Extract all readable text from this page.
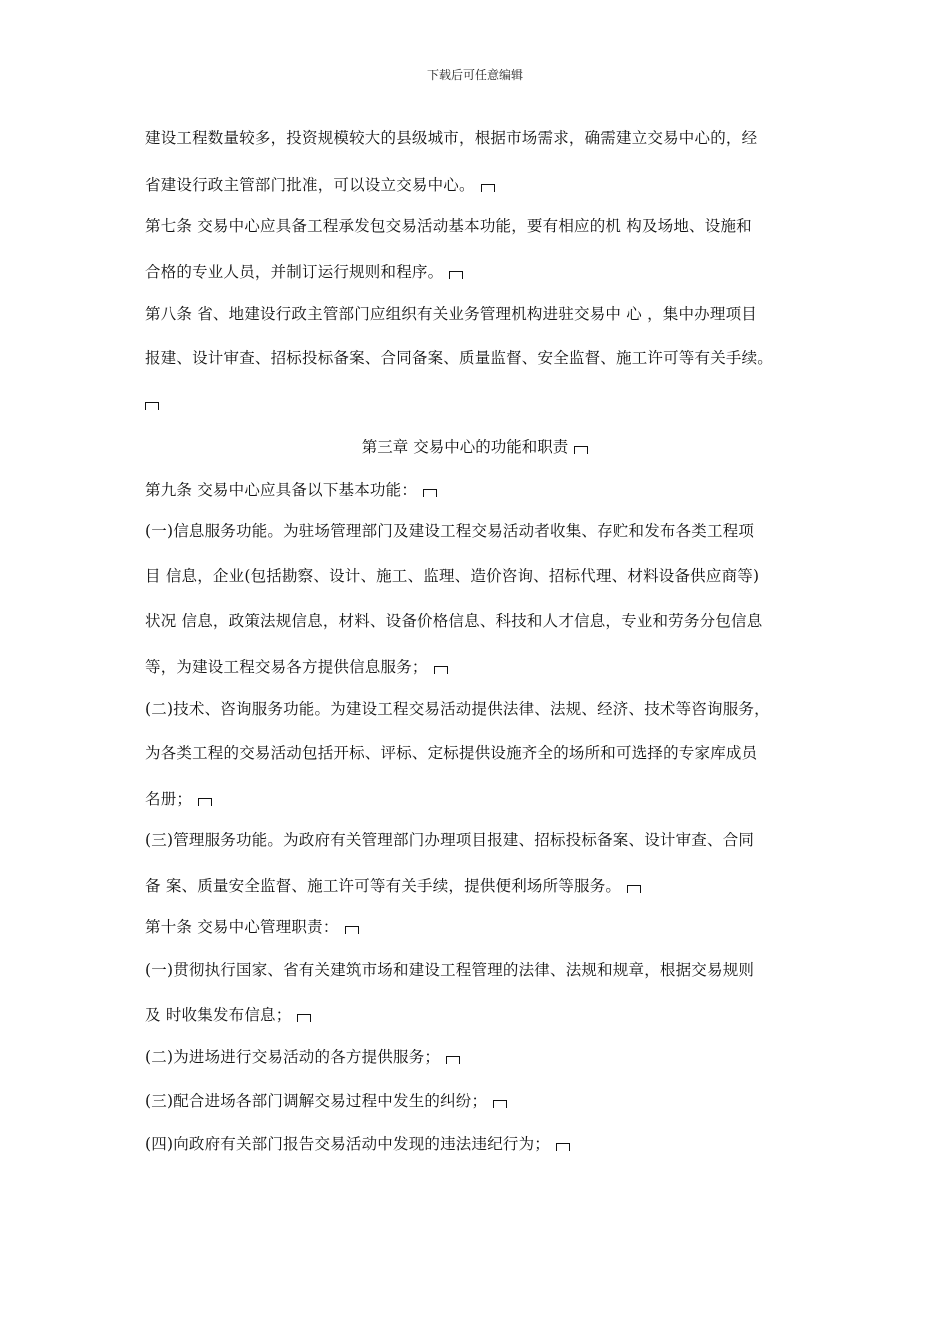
下载后可任意编辑
建设工程数量较多，投资规模较大的县级城市，根据市场需求，确需建立交易中心的，经
省建设行政主管部门批准，可以设立交易中心。
第七条 交易中心应具备工程承发包交易活动基本功能，要有相应的机 构及场地、设施和
合格的专业人员，并制订运行规则和程序。
第八条 省、地建设行政主管部门应组织有关业务管理机构进驻交易中 心 ，集中办理项目
报建、设计审查、招标投标备案、合同备案、质量监督、安全监督、施工许可等有关手续。
第三章 交易中心的功能和职责
第九条 交易中心应具备以下基本功能：
(一)信息服务功能。为驻场管理部门及建设工程交易活动者收集、存贮和发布各类工程项
目 信息，企业(包括勘察、设计、施工、监理、造价咨询、招标代理、材料设备供应商等)
状况 信息，政策法规信息，材料、设备价格信息、科技和人才信息，专业和劳务分包信息
等，为建设工程交易各方提供信息服务；
(二)技术、咨询服务功能。为建设工程交易活动提供法律、法规、经济、技术等咨询服务，
为各类工程的交易活动包括开标、评标、定标提供设施齐全的场所和可选择的专家库成员
名册；
(三)管理服务功能。为政府有关管理部门办理项目报建、招标投标备案、设计审查、合同
备 案、质量安全监督、施工许可等有关手续，提供便利场所等服务。
第十条 交易中心管理职责：
(一)贯彻执行国家、省有关建筑市场和建设工程管理的法律、法规和规章，根据交易规则
及 时收集发布信息；
(二)为进场进行交易活动的各方提供服务；
(三)配合进场各部门调解交易过程中发生的纠纷；
(四)向政府有关部门报告交易活动中发现的违法违纪行为；
